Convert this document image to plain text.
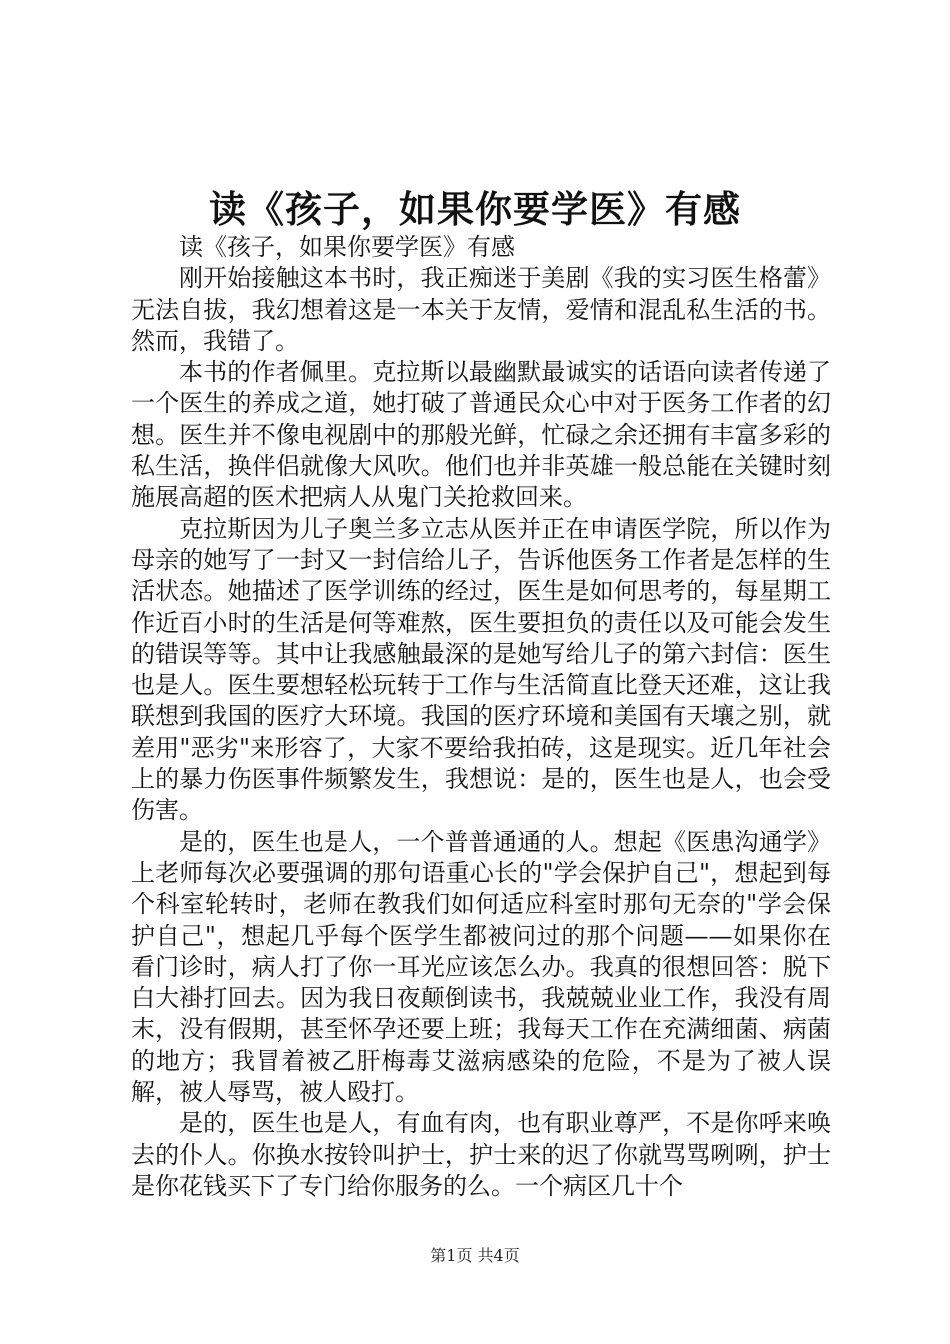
读《孩子，如果你要学医》有感

读《孩子，如果你要学医》有感

刚开始接触这本书时，我正痴迷于美剧《我的实习医生格蕾》无法自拔，我幻想着这是一本关于友情，爱情和混乱私生活的书。然而，我错了。

本书的作者佩里。克拉斯以最幽默最诚实的话语向读者传递了一个医生的养成之道，她打破了普通民众心中对于医务工作者的幻想。医生并不像电视剧中的那般光鲜，忙碌之余还拥有丰富多彩的私生活，换伴侣就像大风吹。他们也并非英雄一般总能在关键时刻施展高超的医术把病人从鬼门关抢救回来。

克拉斯因为儿子奥兰多立志从医并正在申请医学院，所以作为母亲的她写了一封又一封信给儿子，告诉他医务工作者是怎样的生活状态。她描述了医学训练的经过，医生是如何思考的，每星期工作近百小时的生活是何等难熬，医生要担负的责任以及可能会发生的错误等等。其中让我感触最深的是她写给儿子的第六封信：医生也是人。医生要想轻松玩转于工作与生活简直比登天还难，这让我联想到我国的医疗大环境。我国的医疗环境和美国有天壤之别，就差用"恶劣"来形容了，大家不要给我拍砖，这是现实。近几年社会上的暴力伤医事件频繁发生，我想说：是的，医生也是人，也会受伤害。

是的，医生也是人，一个普普通通的人。想起《医患沟通学》上老师每次必要强调的那句语重心长的"学会保护自己"，想起到每个科室轮转时，老师在教我们如何适应科室时那句无奈的"学会保护自己"，想起几乎每个医学生都被问过的那个问题——如果你在看门诊时，病人打了你一耳光应该怎么办。我真的很想回答：脱下白大褂打回去。因为我日夜颠倒读书，我兢兢业业工作，我没有周末，没有假期，甚至怀孕还要上班；我每天工作在充满细菌、病菌的地方；我冒着被乙肝梅毒艾滋病感染的危险，不是为了被人误解，被人辱骂，被人殴打。

是的，医生也是人，有血有肉，也有职业尊严，不是你呼来唤去的仆人。你换水按铃叫护士，护士来的迟了你就骂骂咧咧，护士是你花钱买下了专门给你服务的么。一个病区几十个

第1页 共4页
